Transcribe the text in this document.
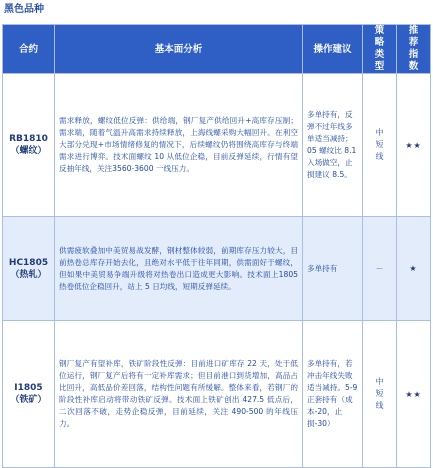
黑色品种
合约	基本面分析	操作建议	策略类型	推荐指数

RB1810
（螺纹）	需求释放，螺纹低位反弹：供给端，钢厂复产供给回升+高库存压制；需求端，随着气温升高需求持续释放，上海线螺采购大幅回升。在利空大部分兑现+市场情绪修复的情况下，后续螺纹仍将围绕高库存与终端需求进行博弈。技术面螺纹 10 从低位企稳，目前反弹延续，行情有望反抽年线，关注3560-3600 一线压力。	多单持有，反弹不过年线多单适当减持；05 螺纹比 8.1 入场做空，止损建议 8.5。	中短线	★★

HC1805
（热轧）	供需疲软叠加中美贸易战发酵，钢材整体较弱，前期库存压力较大，目前热卷总库存开始去化，且绝对水平低于往年同期，供需面好于螺纹，但如果中美贸易争端升级将对热卷出口造成更大影响。技术面上1805 热卷低位企稳回升，站上 5 日均线，短期反弹延续。	多单持有	－	★

I1805
（铁矿）	钢厂复产有望补库，铁矿阶段性反弹：目前进口矿库存 22 天，处于低位运行，钢厂复产后将有一定补库需求；但目前港口到货增加，高品占比回升，高低品价差回落，结构性问题有所缓解。整体来看，若钢厂的阶段性补库启动将带动铁矿反弹。技术面上铁矿创出 427.5 低点后，二次回落不破，走势企稳反弹，目前延续，关注 490-500 的年线压力。	多单持有，若冲击年线失败适当减持。5-9 正套持有（成本-20，止损-30）	中短线	★★
